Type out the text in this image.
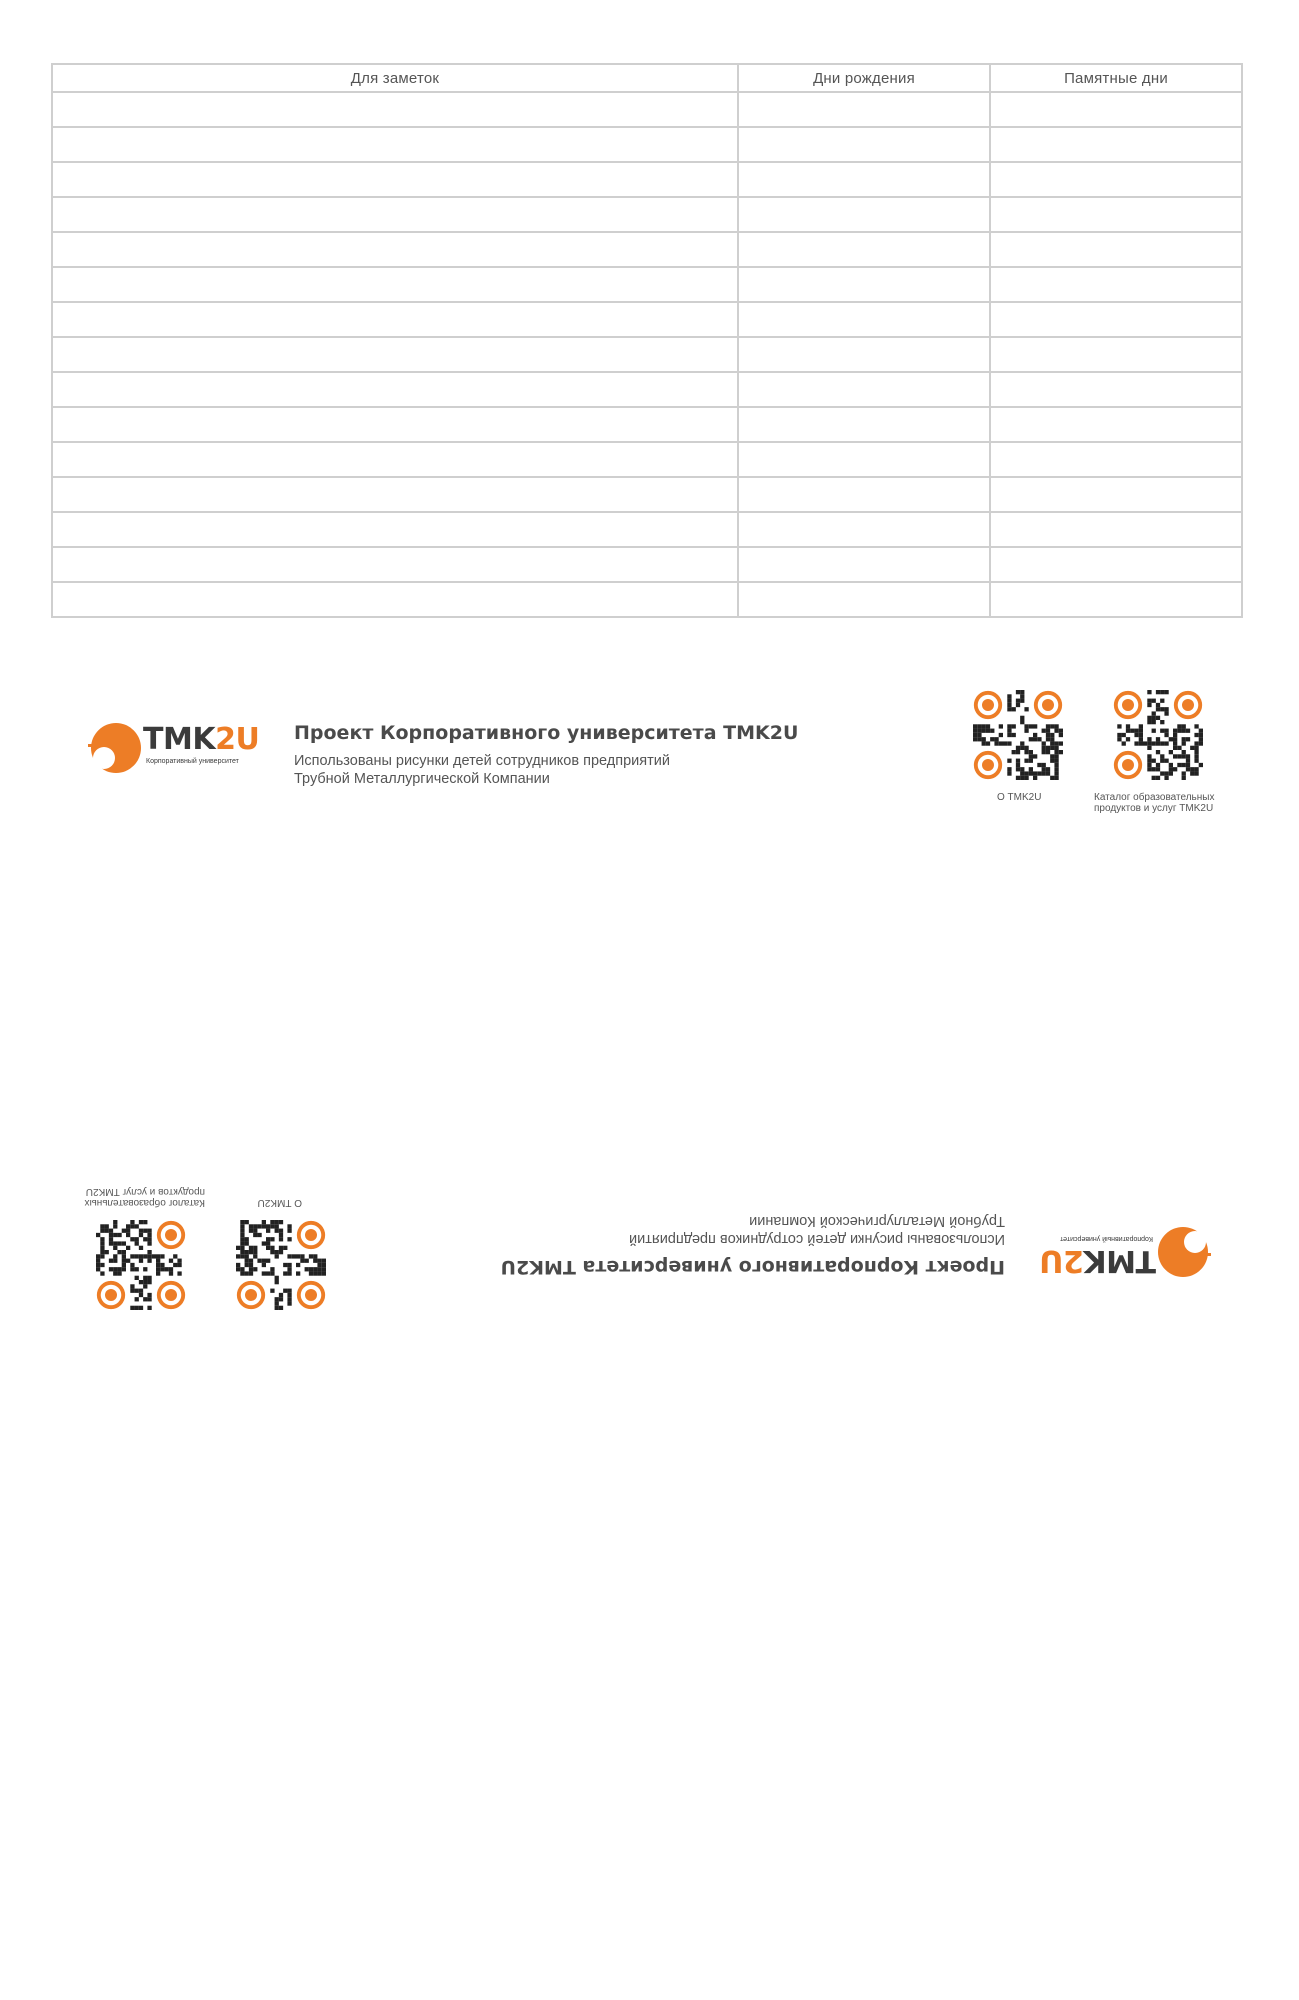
Для заметок	Дни рождения	Памятные дни

TMK2U
Корпоративный университет
Проект Корпоративного университета TMK2U
Использованы рисунки детей сотрудников предприятий
Трубной Металлургической Компании
О TMK2U	Каталог образовательных продуктов и услуг TMK2U
TMK2U
Корпоративный университет
Проект Корпоративного университета TMK2U
Использованы рисунки детей сотрудников предприятий
Трубной Металлургической Компании
О TMK2U
Каталог образовательных продуктов и услуг TMK2U
